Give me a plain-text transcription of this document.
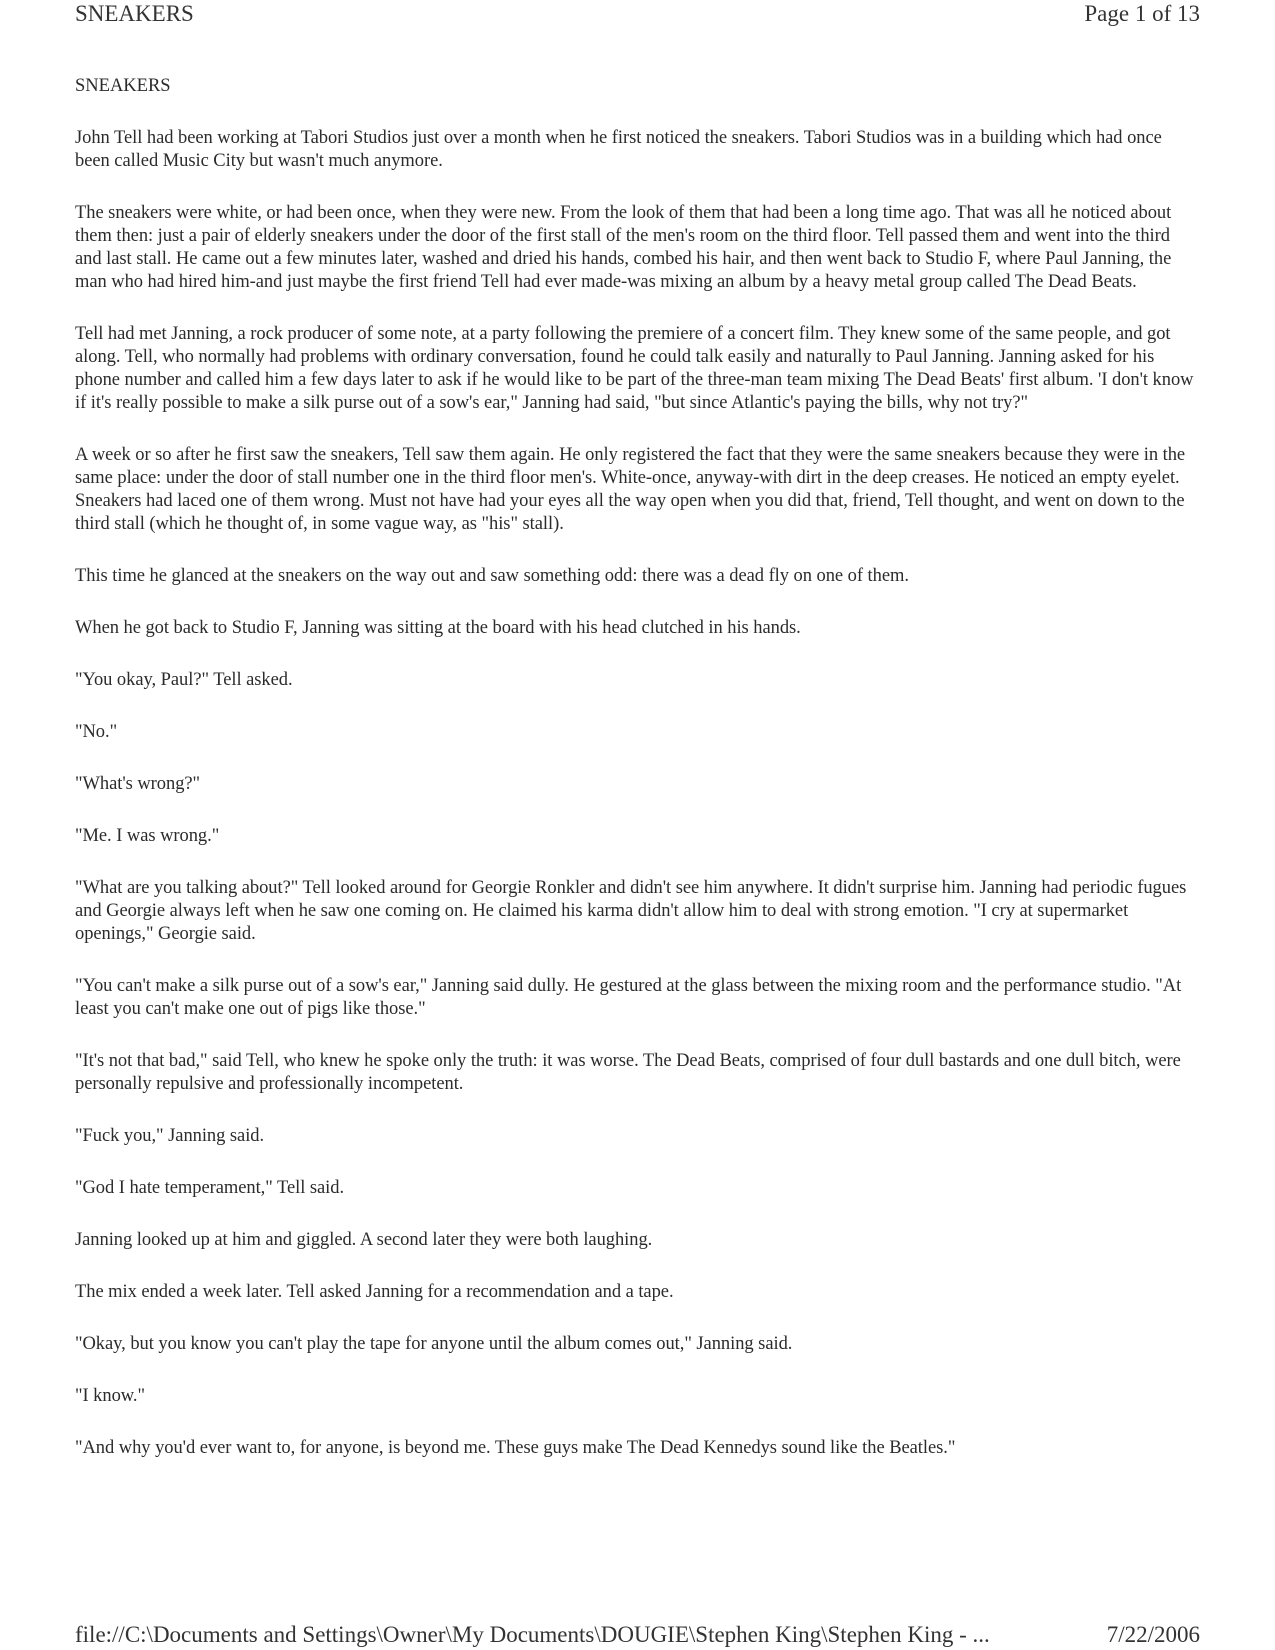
SNEAKERS	Page 1 of 13
SNEAKERS

John Tell had been working at Tabori Studios just over a month when he first noticed the sneakers. Tabori Studios was in a building which had once been called Music City but wasn't much anymore.

The sneakers were white, or had been once, when they were new. From the look of them that had been a long time ago. That was all he noticed about them then: just a pair of elderly sneakers under the door of the first stall of the men's room on the third floor. Tell passed them and went into the third and last stall. He came out a few minutes later, washed and dried his hands, combed his hair, and then went back to Studio F, where Paul Janning, the man who had hired him-and just maybe the first friend Tell had ever made-was mixing an album by a heavy metal group called The Dead Beats.

Tell had met Janning, a rock producer of some note, at a party following the premiere of a concert film. They knew some of the same people, and got along. Tell, who normally had problems with ordinary conversation, found he could talk easily and naturally to Paul Janning. Janning asked for his phone number and called him a few days later to ask if he would like to be part of the three-man team mixing The Dead Beats' first album. 'I don't know if it's really possible to make a silk purse out of a sow's ear," Janning had said, "but since Atlantic's paying the bills, why not try?"

A week or so after he first saw the sneakers, Tell saw them again. He only registered the fact that they were the same sneakers because they were in the same place: under the door of stall number one in the third floor men's. White-once, anyway-with dirt in the deep creases. He noticed an empty eyelet. Sneakers had laced one of them wrong. Must not have had your eyes all the way open when you did that, friend, Tell thought, and went on down to the third stall (which he thought of, in some vague way, as "his" stall).

This time he glanced at the sneakers on the way out and saw something odd: there was a dead fly on one of them.

When he got back to Studio F, Janning was sitting at the board with his head clutched in his hands.

"You okay, Paul?" Tell asked.

"No."

"What's wrong?"

"Me. I was wrong."

"What are you talking about?" Tell looked around for Georgie Ronkler and didn't see him anywhere. It didn't surprise him. Janning had periodic fugues and Georgie always left when he saw one coming on. He claimed his karma didn't allow him to deal with strong emotion. "I cry at supermarket openings," Georgie said.

"You can't make a silk purse out of a sow's ear," Janning said dully. He gestured at the glass between the mixing room and the performance studio. "At least you can't make one out of pigs like those."

"It's not that bad," said Tell, who knew he spoke only the truth: it was worse. The Dead Beats, comprised of four dull bastards and one dull bitch, were personally repulsive and professionally incompetent.

"Fuck you," Janning said.

"God I hate temperament," Tell said.

Janning looked up at him and giggled. A second later they were both laughing.

The mix ended a week later. Tell asked Janning for a recommendation and a tape.

"Okay, but you know you can't play the tape for anyone until the album comes out," Janning said.

"I know."

"And why you'd ever want to, for anyone, is beyond me. These guys make The Dead Kennedys sound like the Beatles."

file://C:\Documents and Settings\Owner\My Documents\DOUGIE\Stephen King\Stephen King - ...	7/22/2006
